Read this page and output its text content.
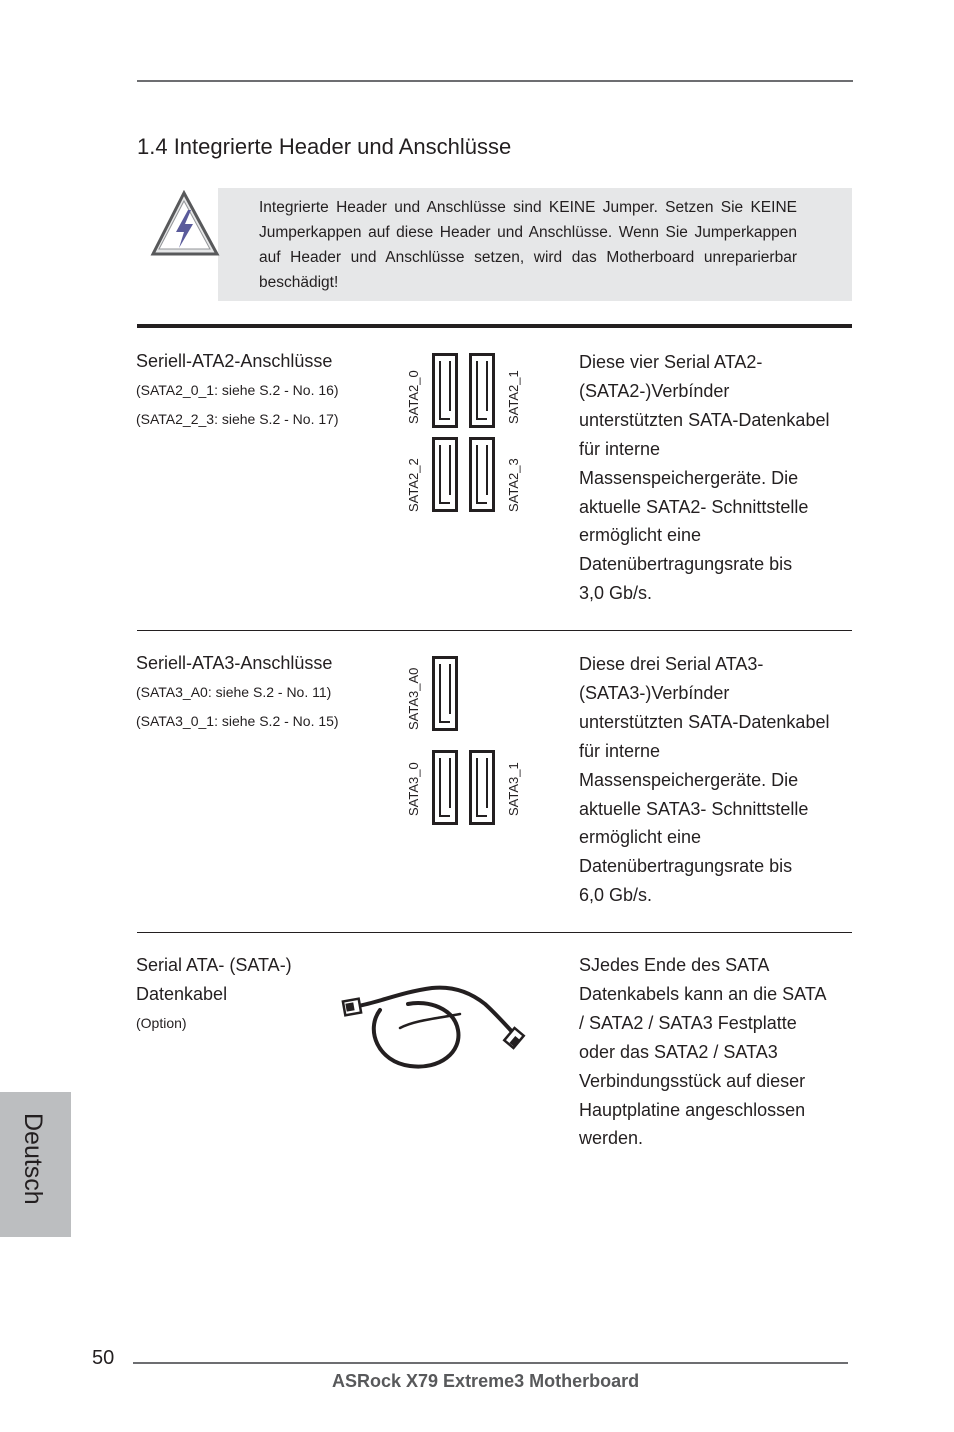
1.4 Integrierte Header und Anschlüsse
Integrierte Header und Anschlüsse sind KEINE Jumper. Setzen Sie KEINE Jumperkappen auf diese Header und Anschlüsse. Wenn Sie Jumperkappen auf Header und Anschlüsse setzen, wird das Motherboard unreparierbar beschädigt!
Seriell-ATA2-Anschlüsse
(SATA2_0_1: siehe S.2 - No. 16)
(SATA2_2_3: siehe S.2 - No. 17)	SATA2_0	SATA2_1
SATA2_2	SATA2_3
Diese vier Serial ATA2-
(SATA2-)Verbínder
unterstützten SATA-Datenkabel
für interne
Massenspeichergeräte. Die
aktuelle SATA2- Schnittstelle
ermöglicht eine
Datenübertragungsrate bis
3,0 Gb/s.
Seriell-ATA3-Anschlüsse
(SATA3_A0: siehe S.2 - No. 11)
(SATA3_0_1: siehe S.2 - No. 15)	SATA3_A0
SATA3_0	SATA3_1
Diese drei Serial ATA3-
(SATA3-)Verbínder
unterstützten SATA-Datenkabel
für interne
Massenspeichergeräte. Die
aktuelle SATA3- Schnittstelle
ermöglicht eine
Datenübertragungsrate bis
6,0 Gb/s.
Serial ATA- (SATA-)
Datenkabel
(Option)
SJedes Ende des SATA
Datenkabels kann an die SATA
/ SATA2 / SATA3 Festplatte
oder das SATA2 / SATA3
Verbindungsstück auf dieser
Hauptplatine angeschlossen
werden.
Deutsch
50
ASRock X79 Extreme3 Motherboard
